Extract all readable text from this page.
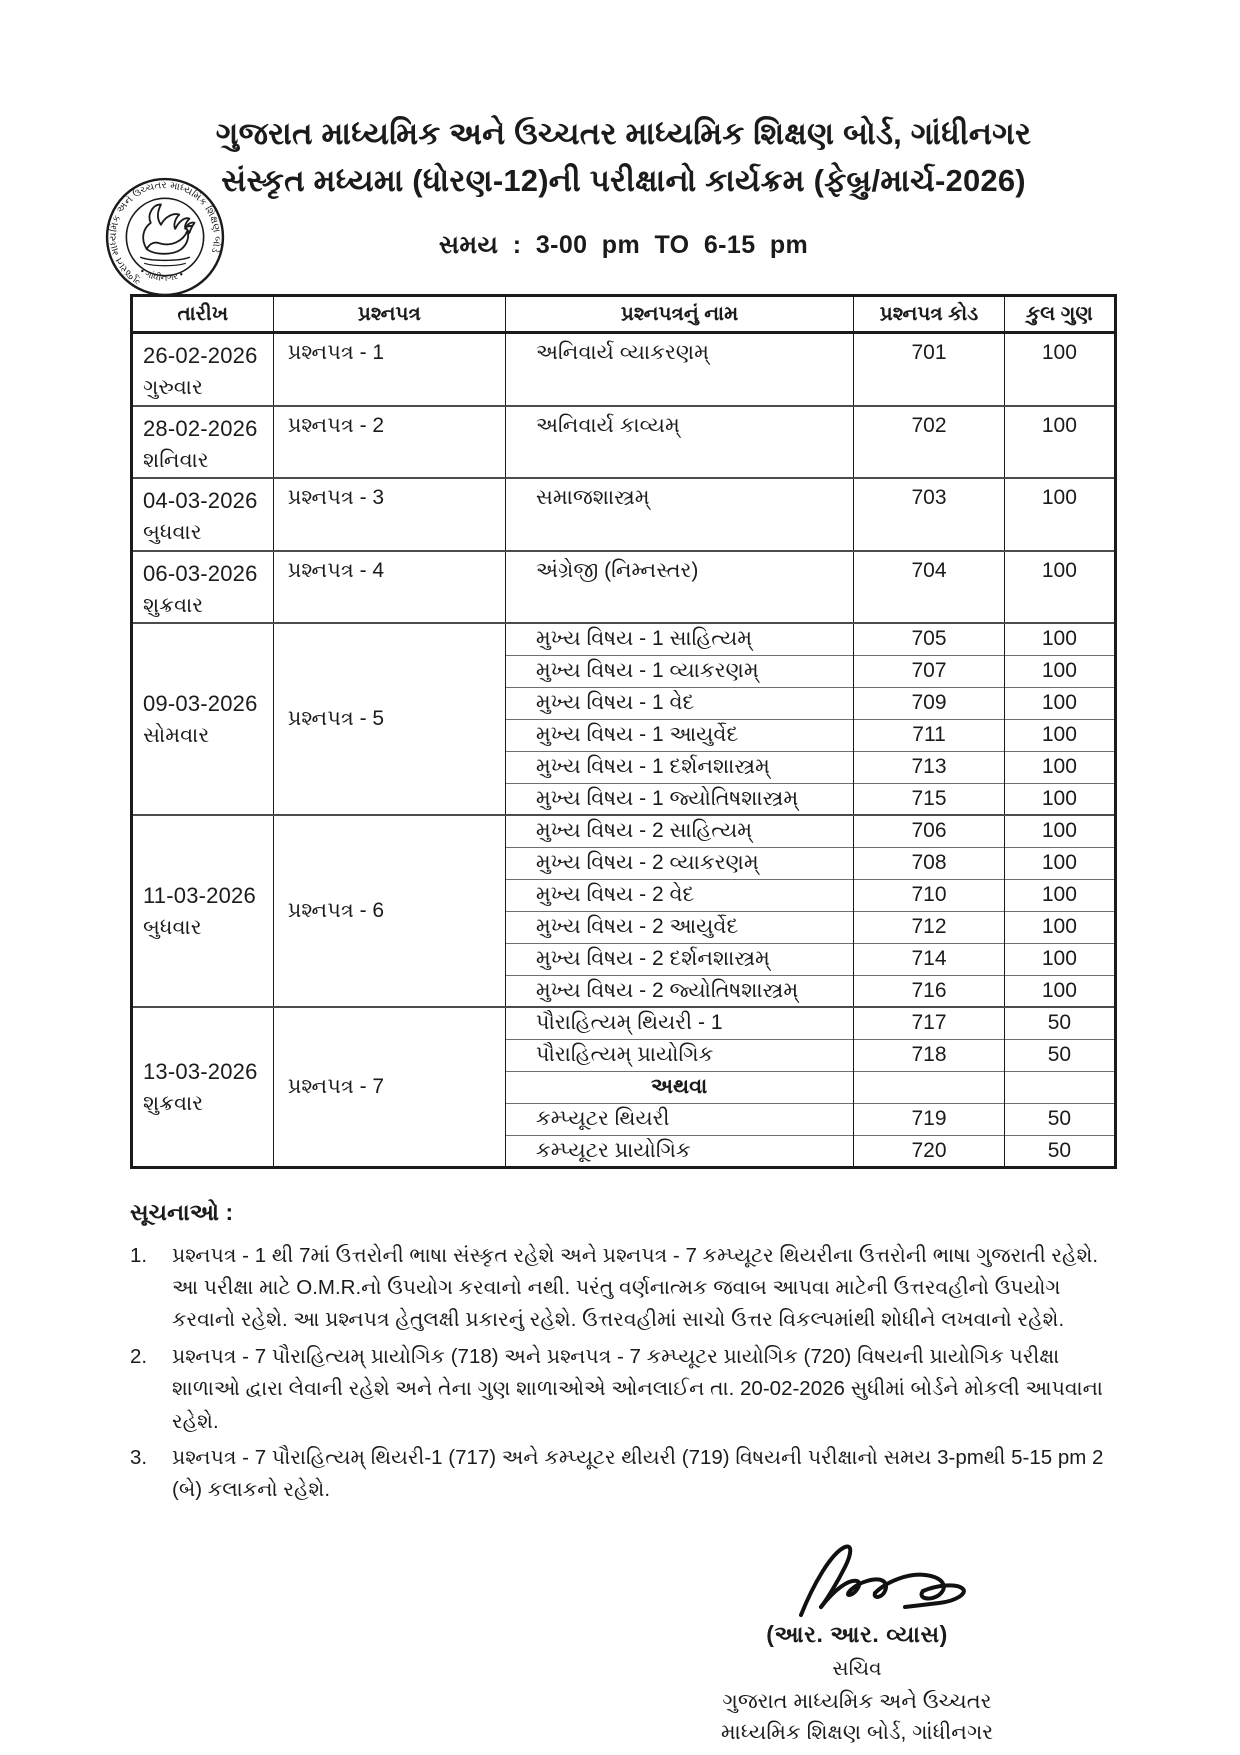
ગુજરાત માધ્યમિક અને ઉચ્ચતર માધ્યમિક શિક્ષણ બોર્ડ
• ગાંધીનગર •
ગુજરાત માધ્યમિક અને ઉચ્ચતર માધ્યમિક શિક્ષણ બોર્ડ, ગાંધીનગર
સંસ્કૃત મધ્યમા (ધોરણ-12)ની પરીક્ષાનો કાર્યક્રમ (ફેબ્રુ/માર્ચ-2026)
સમય : 3-00 pm TO 6-15 pm
તારીખ	પ્રશ્નપત્ર	પ્રશ્નપત્રનું નામ	પ્રશ્નપત્ર કોડ	કુલ ગુણ

26-02-2026
ગુરુવાર	પ્રશ્નપત્ર - 1	અનિવાર્ય વ્યાકરણમ્	701	100

28-02-2026
શનિવાર	પ્રશ્નપત્ર - 2	અનિવાર્ય કાવ્યમ્	702	100

04-03-2026
બુધવાર	પ્રશ્નપત્ર - 3	સમાજશાસ્ત્રમ્	703	100

06-03-2026
શુક્રવાર	પ્રશ્નપત્ર - 4	અંગ્રેજી (નિમ્નસ્તર)	704	100

09-03-2026
સોમવાર	પ્રશ્નપત્ર - 5	મુખ્ય વિષય - 1 સાહિત્યમ્	705	100
		મુખ્ય વિષય - 1 વ્યાકરણમ્	707	100
		મુખ્ય વિષય - 1 વેદ	709	100
		મુખ્ય વિષય - 1 આયુર્વેદ	711	100
		મુખ્ય વિષય - 1 દર્શનશાસ્ત્રમ્	713	100
		મુખ્ય વિષય - 1 જ્યોતિષશાસ્ત્રમ્	715	100

11-03-2026
બુધવાર	પ્રશ્નપત્ર - 6	મુખ્ય વિષય - 2 સાહિત્યમ્	706	100
		મુખ્ય વિષય - 2 વ્યાકરણમ્	708	100
		મુખ્ય વિષય - 2 વેદ	710	100
		મુખ્ય વિષય - 2 આયુર્વેદ	712	100
		મુખ્ય વિષય - 2 દર્શનશાસ્ત્રમ્	714	100
		મુખ્ય વિષય - 2 જ્યોતિષશાસ્ત્રમ્	716	100

13-03-2026
શુક્રવાર	પ્રશ્નપત્ર - 7	પૌરાહિત્યમ્ થિયરી - 1	717	50
		પૌરાહિત્યમ્ પ્રાયોગિક	718	50
		અથવા		
		કમ્પ્યૂટર થિયરી	719	50
		કમ્પ્યૂટર પ્રાયોગિક	720	50
સૂચનાઓ :
1.	પ્રશ્નપત્ર - 1 થી 7માં ઉત્તરોની ભાષા સંસ્કૃત રહેશે અને પ્રશ્નપત્ર - 7 કમ્પ્યૂટર થિયરીના ઉત્તરોની ભાષા ગુજરાતી રહેશે. આ પરીક્ષા માટે O.M.R.નો ઉપયોગ કરવાનો નથી. પરંતુ વર્ણનાત્મક જવાબ આપવા માટેની ઉત્તરવહીનો ઉપયોગ કરવાનો રહેશે. આ પ્રશ્નપત્ર હેતુલક્ષી પ્રકારનું રહેશે. ઉત્તરવહીમાં સાચો ઉત્તર વિકલ્પમાંથી શોધીને લખવાનો રહેશે.
2.	પ્રશ્નપત્ર - 7 પૌરાહિત્યમ્ પ્રાયોગિક (718) અને પ્રશ્નપત્ર - 7 કમ્પ્યૂટર પ્રાયોગિક (720) વિષયની પ્રાયોગિક પરીક્ષા શાળાઓ દ્વારા લેવાની રહેશે અને તેના ગુણ શાળાઓએ ઓનલાઈન તા. 20-02-2026 સુધીમાં બોર્ડને મોકલી આપવાના રહેશે.
3.	પ્રશ્નપત્ર - 7 પૌરાહિત્યમ્ થિયરી-1 (717) અને કમ્પ્યૂટર થીયરી (719) વિષયની પરીક્ષાનો સમય 3-pmથી 5-15 pm 2 (બે) કલાકનો રહેશે.
(આર. આર. વ્યાસ)
સચિવ
ગુજરાત માધ્યમિક અને ઉચ્ચતર
માધ્યમિક શિક્ષણ બોર્ડ, ગાંધીનગર
